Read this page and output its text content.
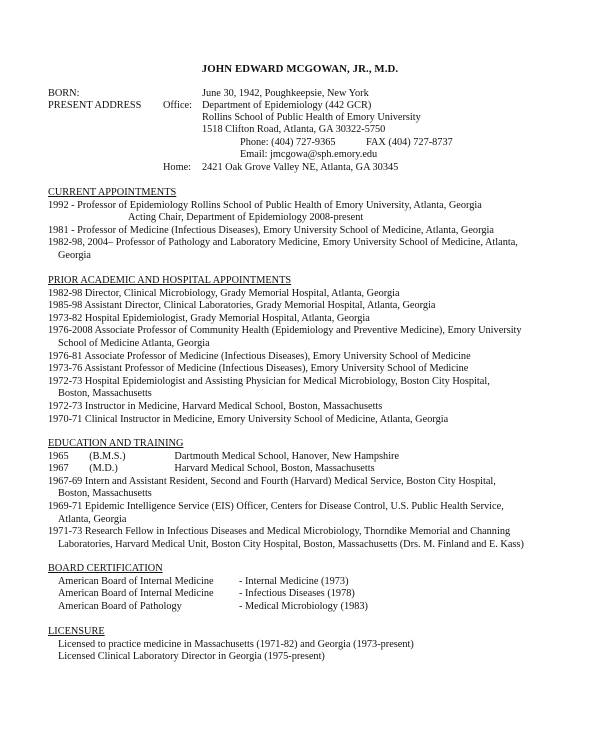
JOHN EDWARD MCGOWAN, JR., M.D.
BORN:	June 30, 1942, Poughkeepsie, New York
PRESENT ADDRESS Office: Department of Epidemiology (442 GCR)
Rollins School of Public Health of Emory University
1518 Clifton Road, Atlanta, GA 30322-5750
Phone: (404) 727-9365	FAX (404) 727-8737
Email: jmcgowa@sph.emory.edu
Home: 2421 Oak Grove Valley NE, Atlanta, GA 30345
CURRENT APPOINTMENTS
1992 - Professor of Epidemiology Rollins School of Public Health of Emory University, Atlanta, Georgia
Acting Chair, Department of Epidemiology 2008-present
1981 - Professor of Medicine (Infectious Diseases), Emory University School of Medicine, Atlanta, Georgia
1982-98, 2004– Professor of Pathology and Laboratory Medicine, Emory University School of Medicine, Atlanta,
Georgia
PRIOR ACADEMIC AND HOSPITAL APPOINTMENTS
1982-98 Director, Clinical Microbiology, Grady Memorial Hospital, Atlanta, Georgia
1985-98 Assistant Director, Clinical Laboratories, Grady Memorial Hospital, Atlanta, Georgia
1973-82 Hospital Epidemiologist, Grady Memorial Hospital, Atlanta, Georgia
1976-2008 Associate Professor of Community Health (Epidemiology and Preventive Medicine), Emory University
School of Medicine Atlanta, Georgia
1976-81 Associate Professor of Medicine (Infectious Diseases), Emory University School of Medicine
1973-76 Assistant Professor of Medicine (Infectious Diseases), Emory University School of Medicine
1972-73 Hospital Epidemiologist and Assisting Physician for Medical Microbiology, Boston City Hospital,
Boston, Massachusetts
1972-73 Instructor in Medicine, Harvard Medical School, Boston, Massachusetts
1970-71 Clinical Instructor in Medicine, Emory University School of Medicine, Atlanta, Georgia
EDUCATION AND TRAINING
1965        (B.M.S.)                   Dartmouth Medical School, Hanover, New Hampshire
1967        (M.D.)                      Harvard Medical School, Boston, Massachusetts
1967-69 Intern and Assistant Resident, Second and Fourth (Harvard) Medical Service, Boston City Hospital,
Boston, Massachusetts
1969-71 Epidemic Intelligence Service (EIS) Officer, Centers for Disease Control, U.S. Public Health Service,
Atlanta, Georgia
1971-73 Research Fellow in Infectious Diseases and Medical Microbiology, Thorndike Memorial and Channing
Laboratories, Harvard Medical Unit, Boston City Hospital, Boston, Massachusetts (Drs. M. Finland and E. Kass)
BOARD CERTIFICATION
American Board of Internal Medicine	- Internal Medicine (1973)
American Board of Internal Medicine	- Infectious Diseases (1978)
American Board of Pathology	- Medical Microbiology (1983)
LICENSURE
Licensed to practice medicine in Massachusetts (1971-82) and Georgia (1973-present)
Licensed Clinical Laboratory Director in Georgia (1975-present)
